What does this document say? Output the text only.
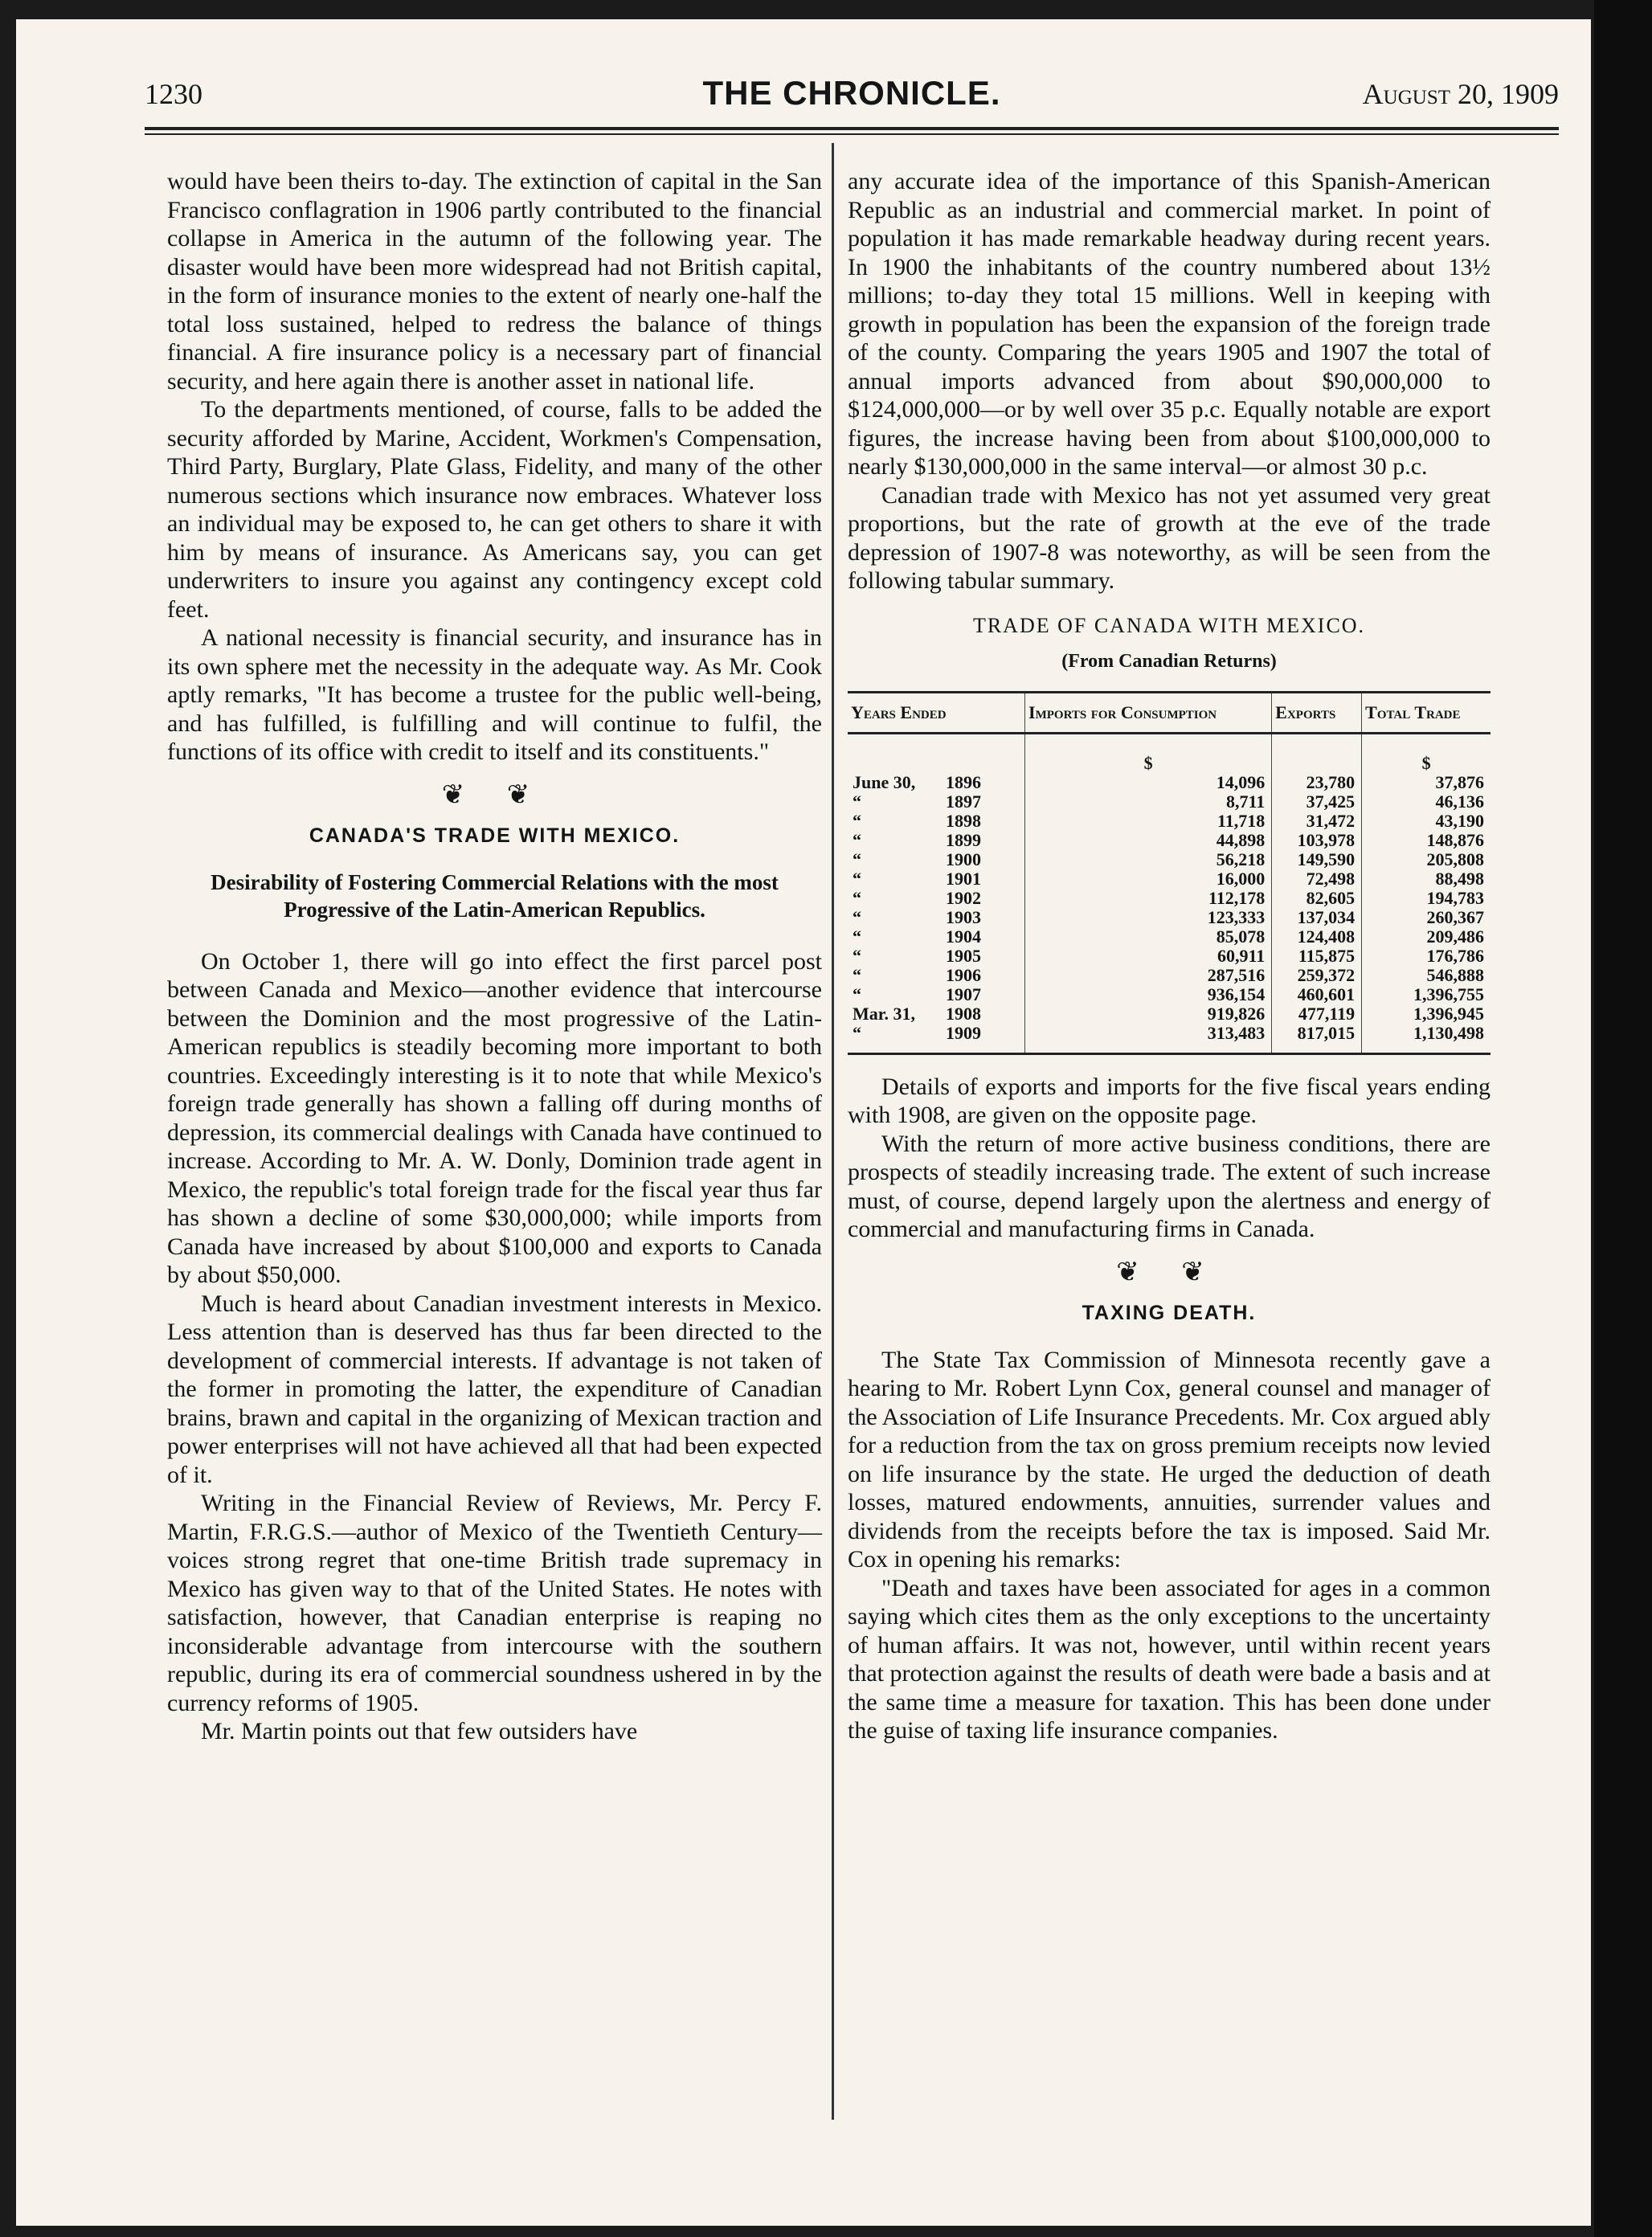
1230	THE CHRONICLE.	August 20, 1909

would have been theirs to-day. The extinction of capital in the San Francisco conflagration in 1906 partly contributed to the financial collapse in America in the autumn of the following year. The disaster would have been more widespread had not British capital, in the form of insurance monies to the extent of nearly one-half the total loss sustained, helped to redress the balance of things financial. A fire insurance policy is a necessary part of financial security, and here again there is another asset in national life.

To the departments mentioned, of course, falls to be added the security afforded by Marine, Accident, Workmen's Compensation, Third Party, Burglary, Plate Glass, Fidelity, and many of the other numerous sections which insurance now embraces. Whatever loss an individual may be exposed to, he can get others to share it with him by means of insurance. As Americans say, you can get underwriters to insure you against any contingency except cold feet.

A national necessity is financial security, and insurance has in its own sphere met the necessity in the adequate way. As Mr. Cook aptly remarks, "It has become a trustee for the public well-being, and has fulfilled, is fulfilling and will continue to fulfil, the functions of its office with credit to itself and its constituents."

❦ ❦
CANADA'S TRADE WITH MEXICO.
Desirability of Fostering Commercial Relations with the most Progressive of the Latin-American Republics.

On October 1, there will go into effect the first parcel post between Canada and Mexico—another evidence that intercourse between the Dominion and the most progressive of the Latin-American republics is steadily becoming more important to both countries. Exceedingly interesting is it to note that while Mexico's foreign trade generally has shown a falling off during months of depression, its commercial dealings with Canada have continued to increase. According to Mr. A. W. Donly, Dominion trade agent in Mexico, the republic's total foreign trade for the fiscal year thus far has shown a decline of some $30,000,000; while imports from Canada have increased by about $100,000 and exports to Canada by about $50,000.

Much is heard about Canadian investment interests in Mexico. Less attention than is deserved has thus far been directed to the development of commercial interests. If advantage is not taken of the former in promoting the latter, the expenditure of Canadian brains, brawn and capital in the organizing of Mexican traction and power enterprises will not have achieved all that had been expected of it.

Writing in the Financial Review of Reviews, Mr. Percy F. Martin, F.R.G.S.—author of Mexico of the Twentieth Century—voices strong regret that one-time British trade supremacy in Mexico has given way to that of the United States. He notes with satisfaction, however, that Canadian enterprise is reaping no inconsiderable advantage from intercourse with the southern republic, during its era of commercial soundness ushered in by the currency reforms of 1905.

Mr. Martin points out that few outsiders have

any accurate idea of the importance of this Spanish-American Republic as an industrial and commercial market. In point of population it has made remarkable headway during recent years. In 1900 the inhabitants of the country numbered about 13½ millions; to-day they total 15 millions. Well in keeping with growth in population has been the expansion of the foreign trade of the county. Comparing the years 1905 and 1907 the total of annual imports advanced from about $90,000,000 to $124,000,000—or by well over 35 p.c. Equally notable are export figures, the increase having been from about $100,000,000 to nearly $130,000,000 in the same interval—or almost 30 p.c.

Canadian trade with Mexico has not yet assumed very great proportions, but the rate of growth at the eve of the trade depression of 1907-8 was noteworthy, as will be seen from the following tabular summary.

TRADE OF CANADA WITH MEXICO.
(From Canadian Returns)
Years Ended	Imports for Consumption	Exports	Total Trade
	$		$
June 30, 1896	14,096	23,780	37,876
“ 1897	8,711	37,425	46,136
“ 1898	11,718	31,472	43,190
“ 1899	44,898	103,978	148,876
“ 1900	56,218	149,590	205,808
“ 1901	16,000	72,498	88,498
“ 1902	112,178	82,605	194,783
“ 1903	123,333	137,034	260,367
“ 1904	85,078	124,408	209,486
“ 1905	60,911	115,875	176,786
“ 1906	287,516	259,372	546,888
“ 1907	936,154	460,601	1,396,755
Mar. 31, 1908	919,826	477,119	1,396,945
“ 1909	313,483	817,015	1,130,498

Details of exports and imports for the five fiscal years ending with 1908, are given on the opposite page.

With the return of more active business conditions, there are prospects of steadily increasing trade. The extent of such increase must, of course, depend largely upon the alertness and energy of commercial and manufacturing firms in Canada.

❦ ❦
TAXING DEATH.

The State Tax Commission of Minnesota recently gave a hearing to Mr. Robert Lynn Cox, general counsel and manager of the Association of Life Insurance Precedents. Mr. Cox argued ably for a reduction from the tax on gross premium receipts now levied on life insurance by the state. He urged the deduction of death losses, matured endowments, annuities, surrender values and dividends from the receipts before the tax is imposed. Said Mr. Cox in opening his remarks:

"Death and taxes have been associated for ages in a common saying which cites them as the only exceptions to the uncertainty of human affairs. It was not, however, until within recent years that protection against the results of death were bade a basis and at the same time a measure for taxation. This has been done under the guise of taxing life insurance companies.
